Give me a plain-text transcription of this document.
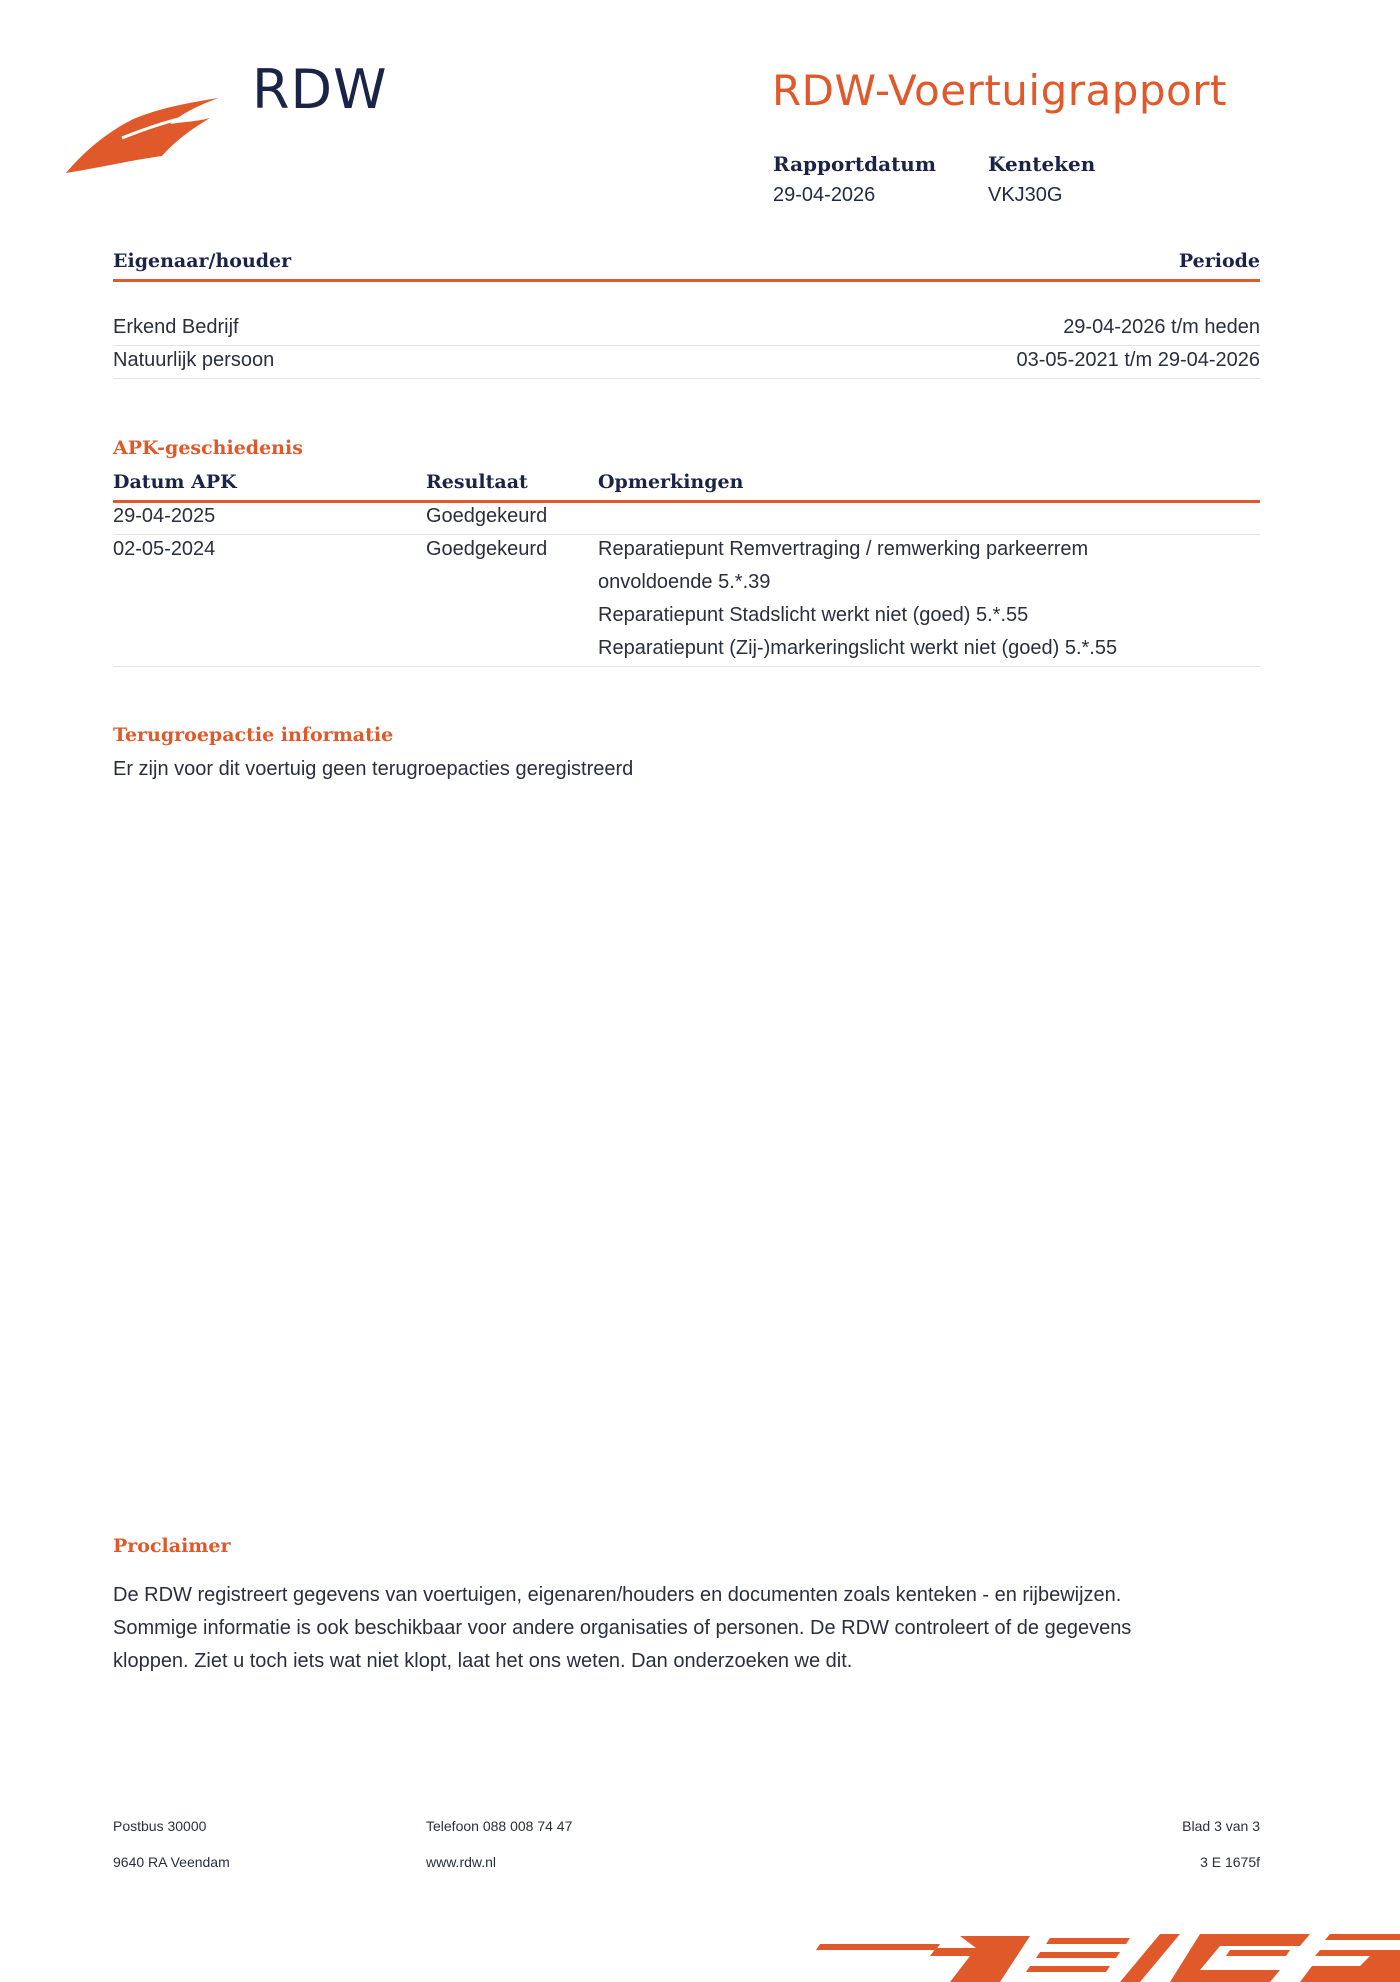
RDW	RDW-Voertuigrapport
Rapportdatum
29-04-2026
Kenteken
VKJ30G
Eigenaar/houder	Periode
Erkend Bedrijf	29-04-2026 t/m heden
Natuurlijk persoon	03-05-2021 t/m 29-04-2026
APK-geschiedenis
Datum APK	Resultaat	Opmerkingen
29-04-2025	Goedgekeurd
02-05-2024	Goedgekeurd	Reparatiepunt Remvertraging / remwerking parkeerrem
onvoldoende 5.*.39
Reparatiepunt Stadslicht werkt niet (goed) 5.*.55
Reparatiepunt (Zij-)markeringslicht werkt niet (goed) 5.*.55
Terugroepactie informatie
Er zijn voor dit voertuig geen terugroepacties geregistreerd
Proclaimer
De RDW registreert gegevens van voertuigen, eigenaren/houders en documenten zoals kenteken - en rijbewijzen.
Sommige informatie is ook beschikbaar voor andere organisaties of personen. De RDW controleert of de gegevens
kloppen. Ziet u toch iets wat niet klopt, laat het ons weten. Dan onderzoeken we dit.
Postbus 30000
9640 RA Veendam
Telefoon 088 008 74 47
www.rdw.nl
Blad 3 van 3
3 E 1675f
